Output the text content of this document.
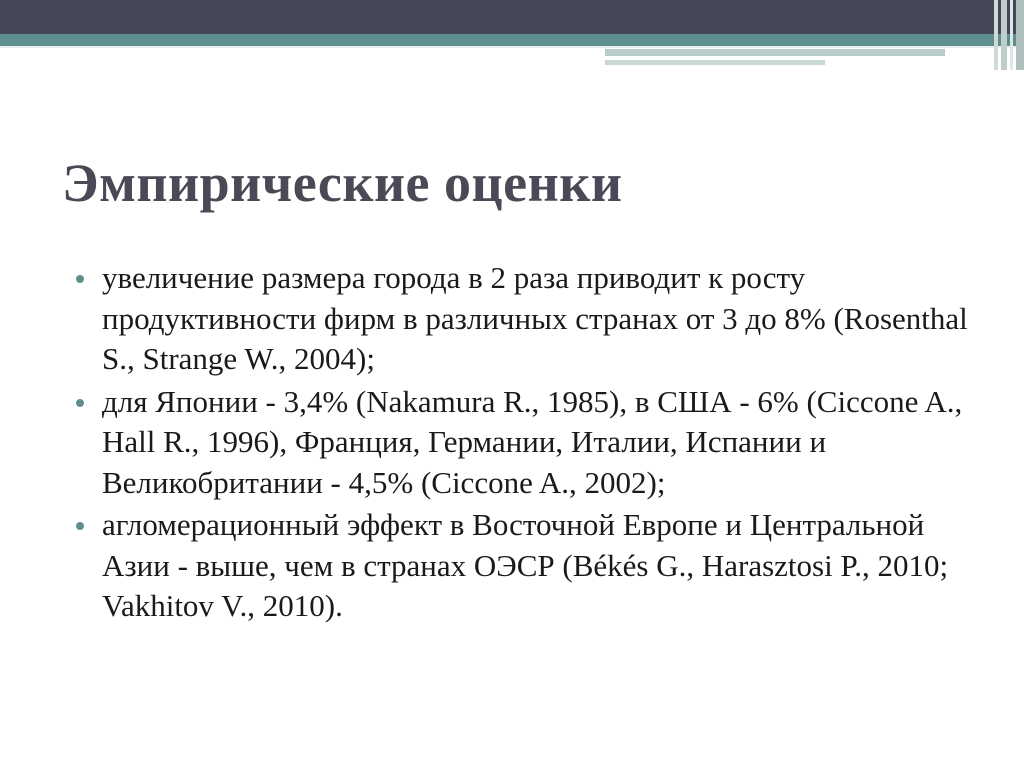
Эмпирические оценки
увеличение размера города в 2 раза приводит к росту продуктивности фирм в различных странах от 3 до 8% (Rosenthal S., Strange W., 2004);
для Японии - 3,4% (Nakamura R., 1985), в США - 6% (Ciccone A., Hall R., 1996), Франция, Германии, Италии, Испании и Великобритании - 4,5% (Ciccone A., 2002);
агломерационный эффект в Восточной Европе и Центральной Азии - выше, чем в странах ОЭСР (Békés G., Harasztosi P., 2010; Vakhitov V., 2010).
